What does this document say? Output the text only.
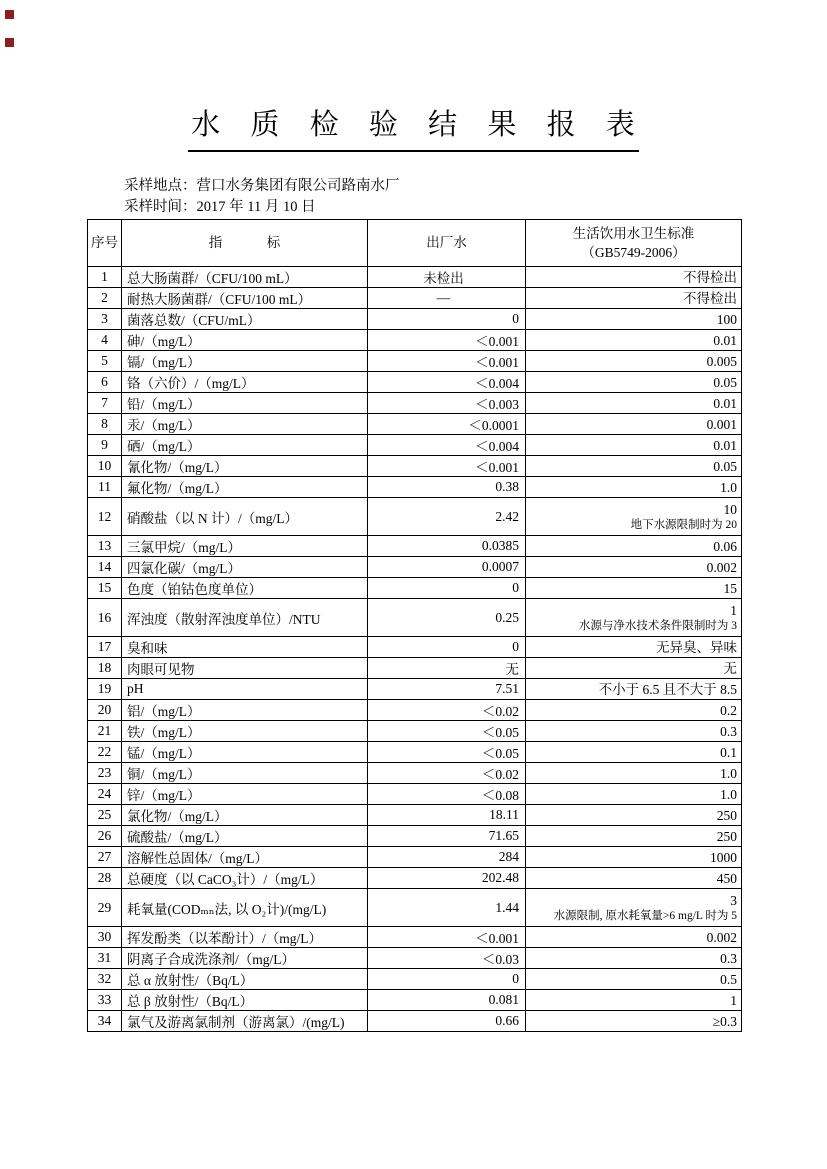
水 质 检 验 结 果 报 表
采样地点：营口水务集团有限公司路南水厂
采样时间：2017 年 11 月 10 日
序号	指标	出厂水	生活饮用水卫生标准
（GB5749-2006）

1	总大肠菌群/（CFU/100 mL）	未检出	不得检出

2	耐热大肠菌群/（CFU/100 mL）	—	不得检出

3	菌落总数/（CFU/mL）	0	100

4	砷/（mg/L）	＜0.001	0.01

5	镉/（mg/L）	＜0.001	0.005

6	铬（六价）/（mg/L）	＜0.004	0.05

7	铅/（mg/L）	＜0.003	0.01

8	汞/（mg/L）	＜0.0001	0.001

9	硒/（mg/L）	＜0.004	0.01

10	氰化物/（mg/L）	＜0.001	0.05

11	氟化物/（mg/L）	0.38	1.0

12	硝酸盐（以 N 计）/（mg/L）	2.42	10
地下水源限制时为 20

13	三氯甲烷/（mg/L）	0.0385	0.06

14	四氯化碳/（mg/L）	0.0007	0.002

15	色度（铂钴色度单位）	0	15

16	浑浊度（散射浑浊度单位）/NTU	0.25	1
水源与净水技术条件限制时为 3

17	臭和味	0	无异臭、异味

18	肉眼可见物	无	无

19	pH	7.51	不小于 6.5 且不大于 8.5

20	铝/（mg/L）	＜0.02	0.2

21	铁/（mg/L）	＜0.05	0.3

22	锰/（mg/L）	＜0.05	0.1

23	铜/（mg/L）	＜0.02	1.0

24	锌/（mg/L）	＜0.08	1.0

25	氯化物/（mg/L）	18.11	250

26	硫酸盐/（mg/L）	71.65	250

27	溶解性总固体/（mg/L）	284	1000

28	总硬度（以 CaCO₃计）/（mg/L）	202.48	450

29	耗氧量(CODₘₙ法, 以 O₂计)/(mg/L)	1.44	3
水源限制, 原水耗氧量>6 mg/L 时为 5

30	挥发酚类（以苯酚计）/（mg/L）	＜0.001	0.002

31	阴离子合成洗涤剂/（mg/L）	＜0.03	0.3

32	总 α 放射性/（Bq/L）	0	0.5

33	总 β 放射性/（Bq/L）	0.081	1

34	氯气及游离氯制剂（游离氯）/(mg/L)	0.66	≥0.3
